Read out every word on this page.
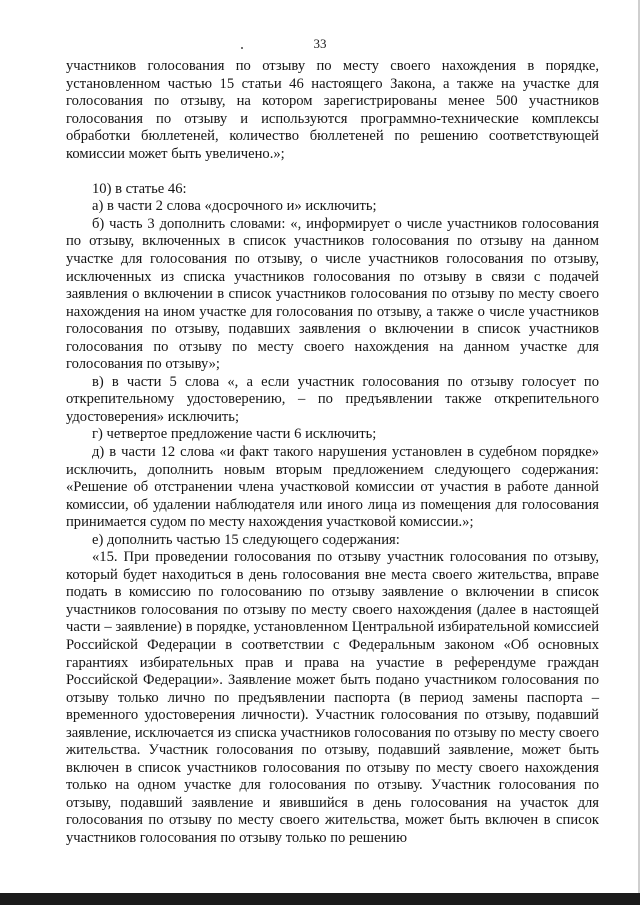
33

участников голосования по отзыву по месту своего нахождения в порядке, установленном частью 15 статьи 46 настоящего Закона, а также на участке для голосования по отзыву, на котором зарегистрированы менее 500 участников голосования по отзыву и используются программно-технические комплексы обработки бюллетеней, количество бюллетеней по решению соответствующей комиссии может быть увеличено.»;

10) в статье 46:

а) в части 2 слова «досрочного и» исключить;

б) часть 3 дополнить словами: «, информирует о числе участников голосования по отзыву, включенных в список участников голосования по отзыву на данном участке для голосования по отзыву, о числе участников голосования по отзыву, исключенных из списка участников голосования по отзыву в связи с подачей заявления о включении в список участников голосования по отзыву по месту своего нахождения на ином участке для голосования по отзыву, а также о числе участников голосования по отзыву, подавших заявления о включении в список участников голосования по отзыву по месту своего нахождения на данном участке для голосования по отзыву»;

в) в части 5 слова «, а если участник голосования по отзыву голосует по открепительному удостоверению, – по предъявлении также открепительного удостоверения» исключить;

г) четвертое предложение части 6 исключить;

д) в части 12 слова «и факт такого нарушения установлен в судебном порядке» исключить, дополнить новым вторым предложением следующего содержания: «Решение об отстранении члена участковой комиссии от участия в работе данной комиссии, об удалении наблюдателя или иного лица из помещения для голосования принимается судом по месту нахождения участковой комиссии.»;

е) дополнить частью 15 следующего содержания:

«15. При проведении голосования по отзыву участник голосования по отзыву, который будет находиться в день голосования вне места своего жительства, вправе подать в комиссию по голосованию по отзыву заявление о включении в список участников голосования по отзыву по месту своего нахождения (далее в настоящей части – заявление) в порядке, установленном Центральной избирательной комиссией Российской Федерации в соответствии с Федеральным законом «Об основных гарантиях избирательных прав и права на участие в референдуме граждан Российской Федерации». Заявление может быть подано участником голосования по отзыву только лично по предъявлении паспорта (в период замены паспорта – временного удостоверения личности). Участник голосования по отзыву, подавший заявление, исключается из списка участников голосования по отзыву по месту своего жительства. Участник голосования по отзыву, подавший заявление, может быть включен в список участников голосования по отзыву по месту своего нахождения только на одном участке для голосования по отзыву. Участник голосования по отзыву, подавший заявление и явившийся в день голосования на участок для голосования по отзыву по месту своего жительства, может быть включен в список участников голосования по отзыву только по решению
